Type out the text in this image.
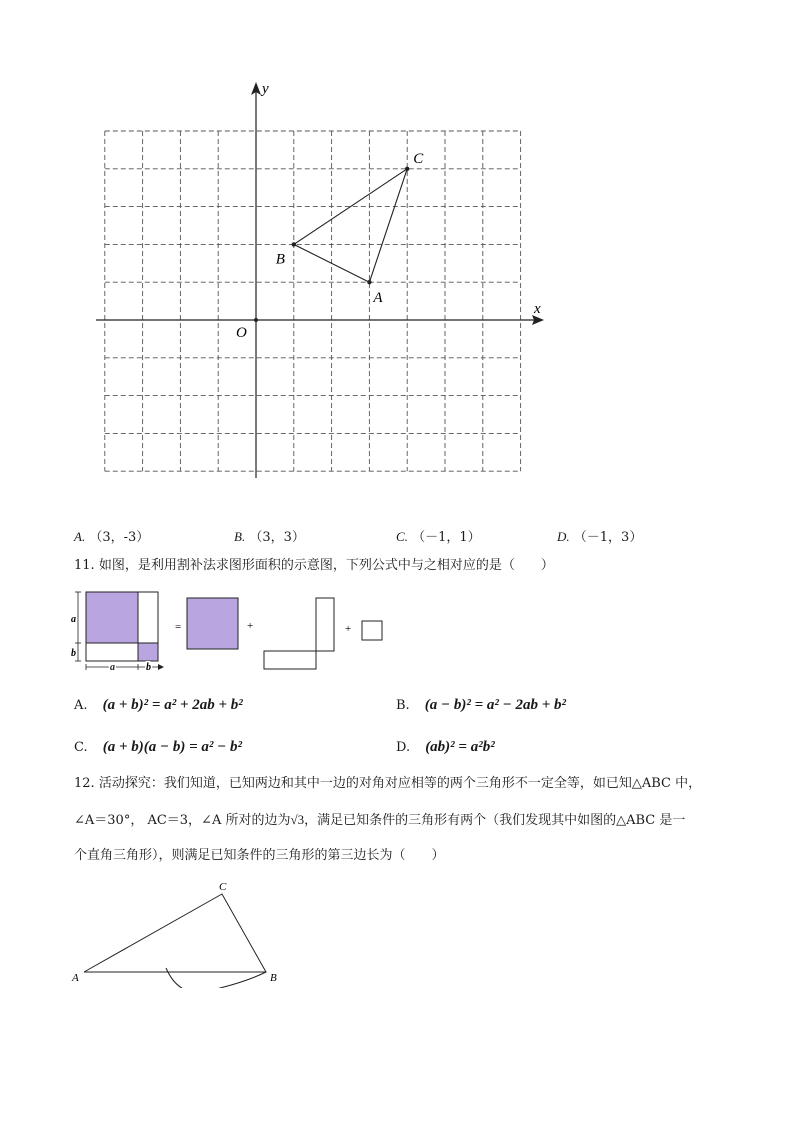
x
y
O
A
B
C
A. （3，-3）	B. （3，3）	C. （－1，1）	D. （－1，3）
11. 如图，是利用割补法求图形面积的示意图，下列公式中与之相对应的是（　　）
a
b
a	b
=	+	+
A. (a + b)² = a² + 2ab + b²	B. (a − b)² = a² − 2ab + b²
C. (a + b)(a − b) = a² − b²	D. (ab)² = a²b²
12. 活动探究：我们知道，已知两边和其中一边的对角对应相等的两个三角形不一定全等，如已知△ABC 中，
∠A＝30°， AC＝3，∠A 所对的边为√3，满足已知条件的三角形有两个（我们发现其中如图的△ABC 是一
个直角三角形），则满足已知条件的三角形的第三边长为（　　）
A	B
C
